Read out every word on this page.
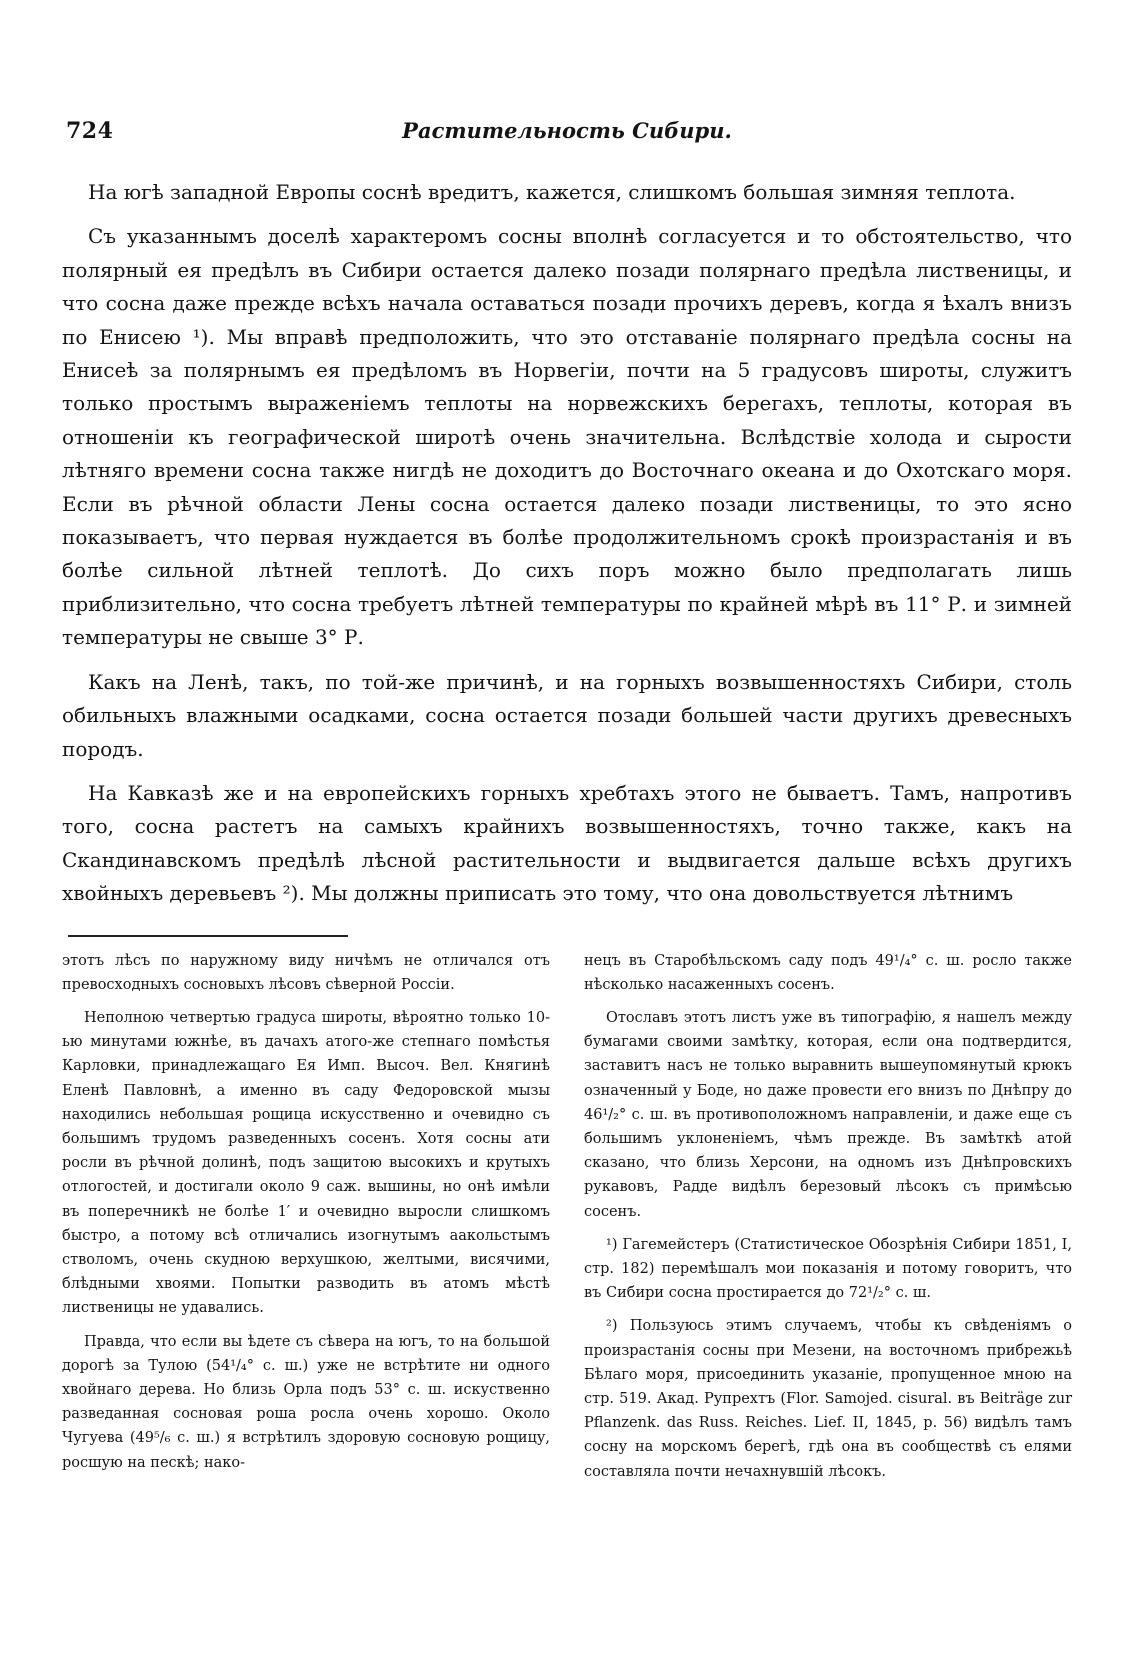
724	Растительность Сибири.

На югѣ западной Европы соснѣ вредитъ, кажется, слишкомъ большая зимняя теплота.

Съ указаннымъ доселѣ характеромъ сосны вполнѣ согласуется и то обстоятельство, что полярный ея предѣлъ въ Сибири остается далеко позади полярнаго предѣла лиственицы, и что сосна даже прежде всѣхъ начала оставаться позади прочихъ деревъ, когда я ѣхалъ внизъ по Енисею ¹). Мы вправѣ предположить, что это отставаніе полярнаго предѣла сосны на Енисеѣ за полярнымъ ея предѣломъ въ Норвегіи, почти на 5 градусовъ широты, служитъ только простымъ выраженіемъ теплоты на норвежскихъ берегахъ, теплоты, которая въ отношеніи къ географической широтѣ очень значительна. Вслѣдствіе холода и сырости лѣтняго времени сосна также нигдѣ не доходитъ до Восточнаго океана и до Охотскаго моря. Если въ рѣчной области Лены сосна остается далеко позади лиственицы, то это ясно показываетъ, что первая нуждается въ болѣе продолжительномъ срокѣ произрастанія и въ болѣе сильной лѣтней теплотѣ. До сихъ поръ можно было предполагать лишь приблизительно, что сосна требуетъ лѣтней температуры по крайней мѣрѣ въ 11° Р. и зимней температуры не свыше 3° Р.

Какъ на Ленѣ, такъ, по той-же причинѣ, и на горныхъ возвышенностяхъ Сибири, столь обильныхъ влажными осадками, сосна остается позади большей части другихъ древесныхъ породъ.

На Кавказѣ же и на европейскихъ горныхъ хребтахъ этого не бываетъ. Тамъ, напротивъ того, сосна растетъ на самыхъ крайнихъ возвышенностяхъ, точно также, какъ на Скандинавскомъ предѣлѣ лѣсной растительности и выдвигается дальше всѣхъ другихъ хвойныхъ деревьевъ ²). Мы должны приписать это тому, что она довольствуется лѣтнимъ

этотъ лѣсъ по наружному виду ничѣмъ не отличался отъ превосходныхъ сосновыхъ лѣсовъ сѣверной Россіи.

Неполною четвертью градуса широты, вѣроятно только 10-ью минутами южнѣе, въ дачахъ атого-же степнаго помѣстья Карловки, принадлежащаго Ея Имп. Высоч. Вел. Княгинѣ Еленѣ Павловнѣ, а именно въ саду Федоровской мызы находились небольшая рощица искусственно и очевидно съ большимъ трудомъ разведенныхъ сосенъ. Хотя сосны ати росли въ рѣчной долинѣ, подъ защитою высокихъ и крутыхъ отлогостей, и достигали около 9 саж. вышины, но онѣ имѣли въ поперечникѣ не болѣе 1′ и очевидно выросли слишкомъ быстро, а потому всѣ отличались изогнутымъ аакольстымъ стволомъ, очень скудною верхушкою, желтыми, висячими, блѣдными хвоями. Попытки разводить въ атомъ мѣстѣ лиственицы не удавались.

Правда, что если вы ѣдете съ сѣвера на югъ, то на большой дорогѣ за Тулою (54¹/₄° с. ш.) уже не встрѣтите ни одного хвойнаго дерева. Но близь Орла подъ 53° с. ш. искуственно разведанная сосновая роша росла очень хорошо. Около Чугуева (49⁵/₆ с. ш.) я встрѣтилъ здоровую сосновую рощицу, росшую на пескѣ; нако-

нецъ въ Старобѣльскомъ саду подъ 49¹/₄° с. ш. росло также нѣсколько насаженныхъ сосенъ.

Отославъ этотъ листъ уже въ типографію, я нашелъ между бумагами своими замѣтку, которая, если она подтвердится, заставитъ насъ не только выравнить вышеупомянутый крюкъ означенный у Боде, но даже провести его внизъ по Днѣпру до 46¹/₂° с. ш. въ противоположномъ направленіи, и даже еще съ большимъ уклоненіемъ, чѣмъ прежде. Въ замѣткѣ атой сказано, что близь Херсони, на одномъ изъ Днѣпровскихъ рукавовъ, Радде видѣлъ березовый лѣсокъ съ примѣсью сосенъ.

¹) Гагемейстеръ (Статистическое Обозрѣнія Сибири 1851, I, стр. 182) перемѣшалъ мои показанія и потому говоритъ, что въ Сибири сосна простирается до 72¹/₂° с. ш.

²) Пользуюсь этимъ случаемъ, чтобы къ свѣденіямъ о произрастанія сосны при Мезени, на восточномъ прибрежьѣ Бѣлаго моря, присоединить указаніе, пропущенное мною на стр. 519. Акад. Рупрехтъ (Flor. Samojed. cisural. въ Beiträge zur Pflanzenk. das Russ. Reiches. Lief. II, 1845, p. 56) видѣлъ тамъ сосну на морскомъ берегѣ, гдѣ она въ сообществѣ съ елями составляла почти нечахнувшій лѣсокъ.
